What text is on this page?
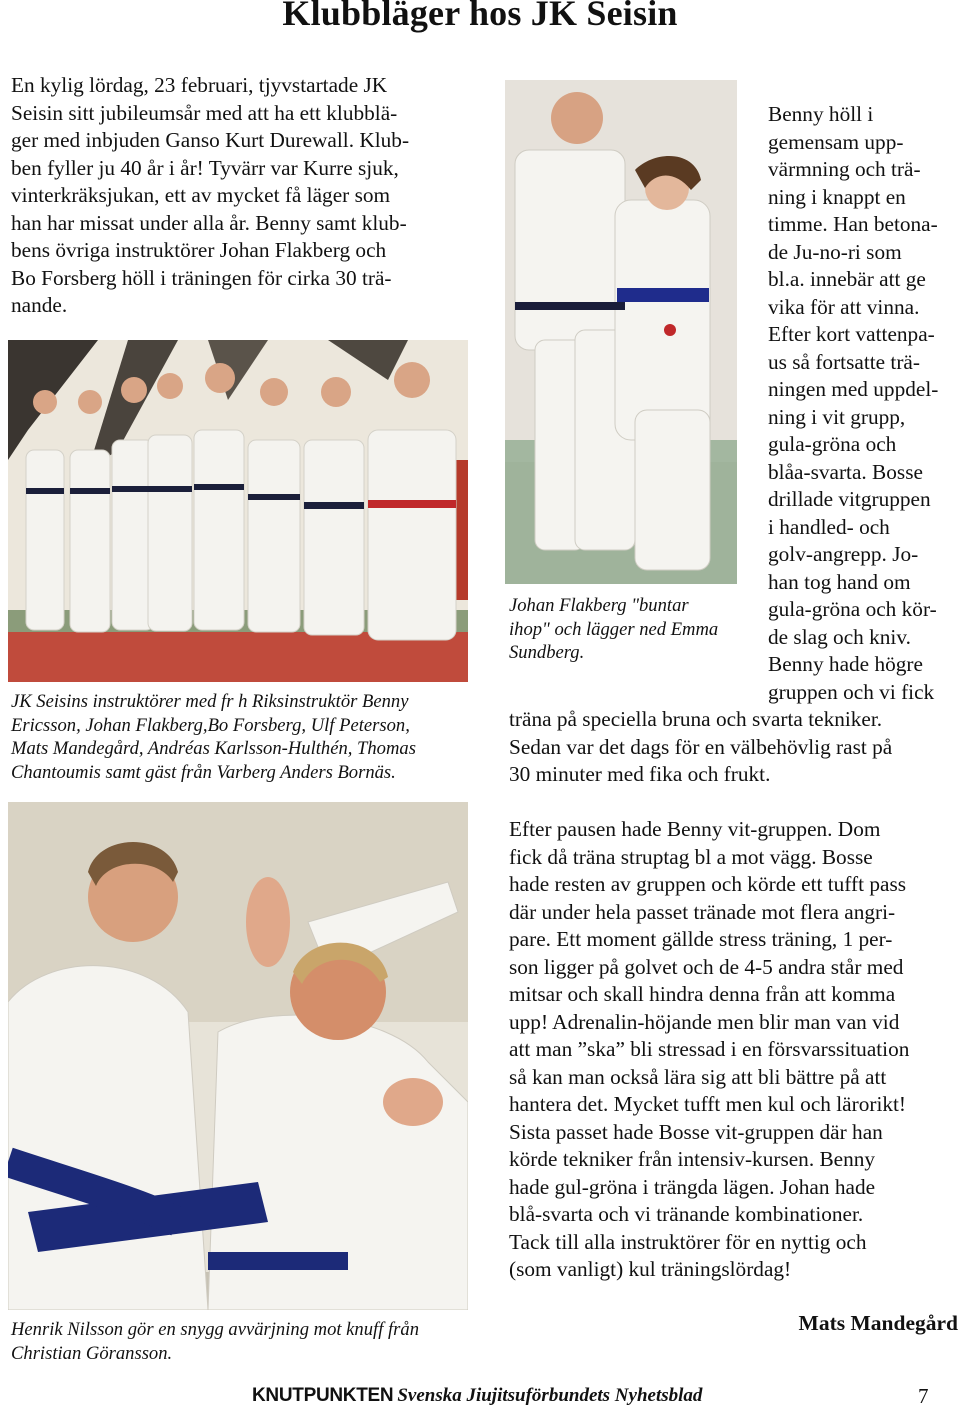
Klubbläger hos JK Seisin

En kylig lördag, 23 februari, tjyvstartade JK

Seisin sitt jubileumsår med att ha ett klubblä-

ger med inbjuden Ganso Kurt Durewall. Klub-

ben fyller ju 40 år i år! Tyvärr var Kurre sjuk,

vinterkräksjukan, ett av mycket få läger som

han har missat under alla år. Benny samt klub-

bens övriga instruktörer Johan Flakberg och

Bo Forsberg höll i träningen för cirka 30 trä-

nande.

JK Seisins instruktörer med fr h Riksinstruktör Benny

Ericsson, Johan Flakberg,Bo Forsberg, Ulf Peterson,

Mats Mandegård, Andréas Karlsson-Hulthén, Thomas

Chantoumis samt gäst från Varberg Anders Bornäs.

Johan Flakberg "buntar

ihop" och lägger ned Emma

Sundberg.

Benny höll i

gemensam upp-

värmning och trä-

ning i knappt en

timme. Han betona-

de Ju-no-ri som

bl.a. innebär att ge

vika för att vinna.

Efter kort vattenpa-

us så fortsatte trä-

ningen med uppdel-

ning i vit grupp,

gula-gröna och

blåa-svarta. Bosse

drillade vitgruppen

i handled- och

golv-angrepp. Jo-

han tog hand om

gula-gröna och kör-

de slag och kniv.

Benny hade högre

gruppen och vi fick

träna på speciella bruna och svarta tekniker.

Sedan var det dags för en välbehövlig rast på

30 minuter med fika och frukt.

Henrik Nilsson gör en snygg avvärjning mot knuff från

Christian Göransson.

Efter pausen hade Benny vit-gruppen. Dom

fick då träna struptag bl a mot vägg. Bosse

hade resten av gruppen och körde ett tufft pass

där under hela passet tränade mot flera angri-

pare. Ett moment gällde stress träning, 1 per-

son ligger på golvet och de 4-5 andra står med

mitsar och skall hindra denna från att komma

upp! Adrenalin-höjande men blir man van vid

att man ”ska” bli stressad i en försvarssituation

så kan man också lära sig att bli bättre på att

hantera det. Mycket tufft men kul och lärorikt!

Sista passet hade Bosse vit-gruppen där han

körde tekniker från intensiv-kursen. Benny

hade gul-gröna i trängda lägen. Johan hade

blå-svarta och vi tränande kombinationer.

Tack till alla instruktörer för en nyttig och

(som vanligt) kul träningslördag!

Mats Mandegård
KNUTPUNKTEN Svenska Jiujitsuförbundets Nyhetsblad	7
